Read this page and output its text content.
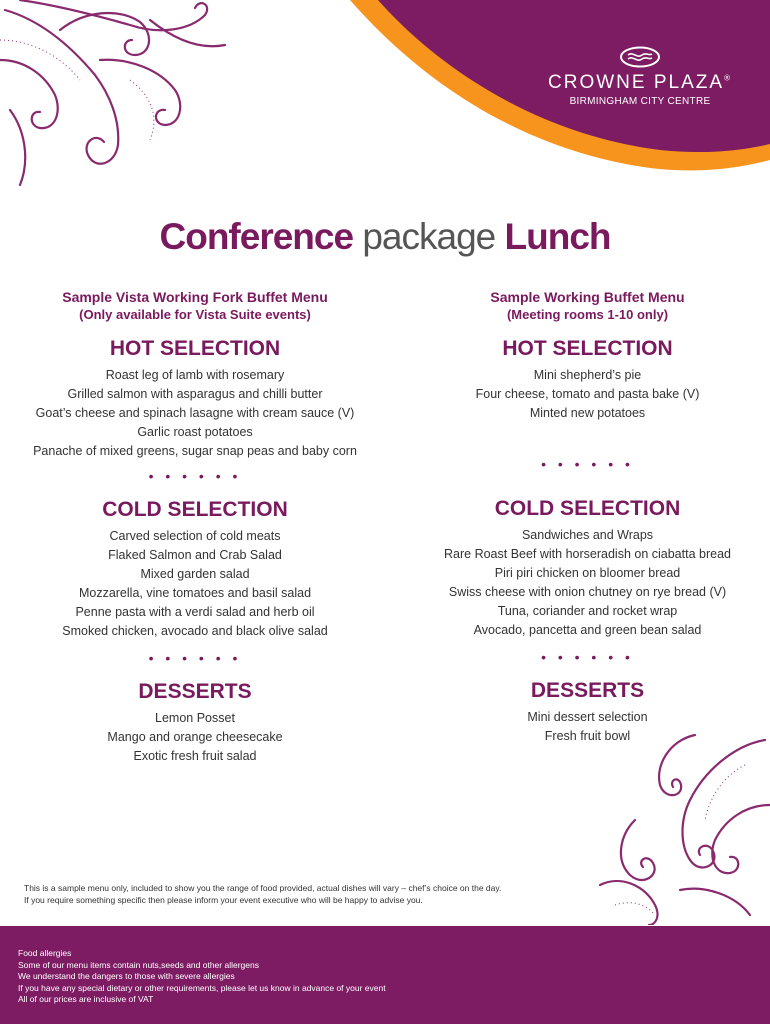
CROWNE PLAZA®
BIRMINGHAM CITY CENTRE
Conference package Lunch
Sample Vista Working Fork Buffet Menu
(Only available for Vista Suite events)
HOT SELECTION
Roast leg of lamb with rosemary
Grilled salmon with asparagus and chilli butter
Goat’s cheese and spinach lasagne with cream sauce (V)
Garlic roast potatoes
Panache of mixed greens, sugar snap peas and baby corn
• • • • • •
COLD SELECTION
Carved selection of cold meats
Flaked Salmon and Crab Salad
Mixed garden salad
Mozzarella, vine tomatoes and basil salad
Penne pasta with a verdi salad and herb oil
Smoked chicken, avocado and black olive salad
• • • • • •
DESSERTS
Lemon Posset
Mango and orange cheesecake
Exotic fresh fruit salad
Sample Working Buffet Menu
(Meeting rooms 1-10 only)
HOT SELECTION
Mini shepherd’s pie
Four cheese, tomato and pasta bake (V)
Minted new potatoes
• • • • • •
COLD SELECTION
Sandwiches and Wraps
Rare Roast Beef with horseradish on ciabatta bread
Piri piri chicken on bloomer bread
Swiss cheese with onion chutney on rye bread (V)
Tuna, coriander and rocket wrap
Avocado, pancetta and green bean salad
• • • • • •
DESSERTS
Mini dessert selection
Fresh fruit bowl
This is a sample menu only, included to show you the range of food provided, actual dishes will vary – chef’s choice on the day.
If you require something specific then please inform your event executive who will be happy to advise you.
Food allergies
Some of our menu items contain nuts,seeds and other allergens
We understand the dangers to those with severe allergies
If you have any special dietary or other requirements, please let us know in advance of your event
All of our prices are inclusive of VAT
